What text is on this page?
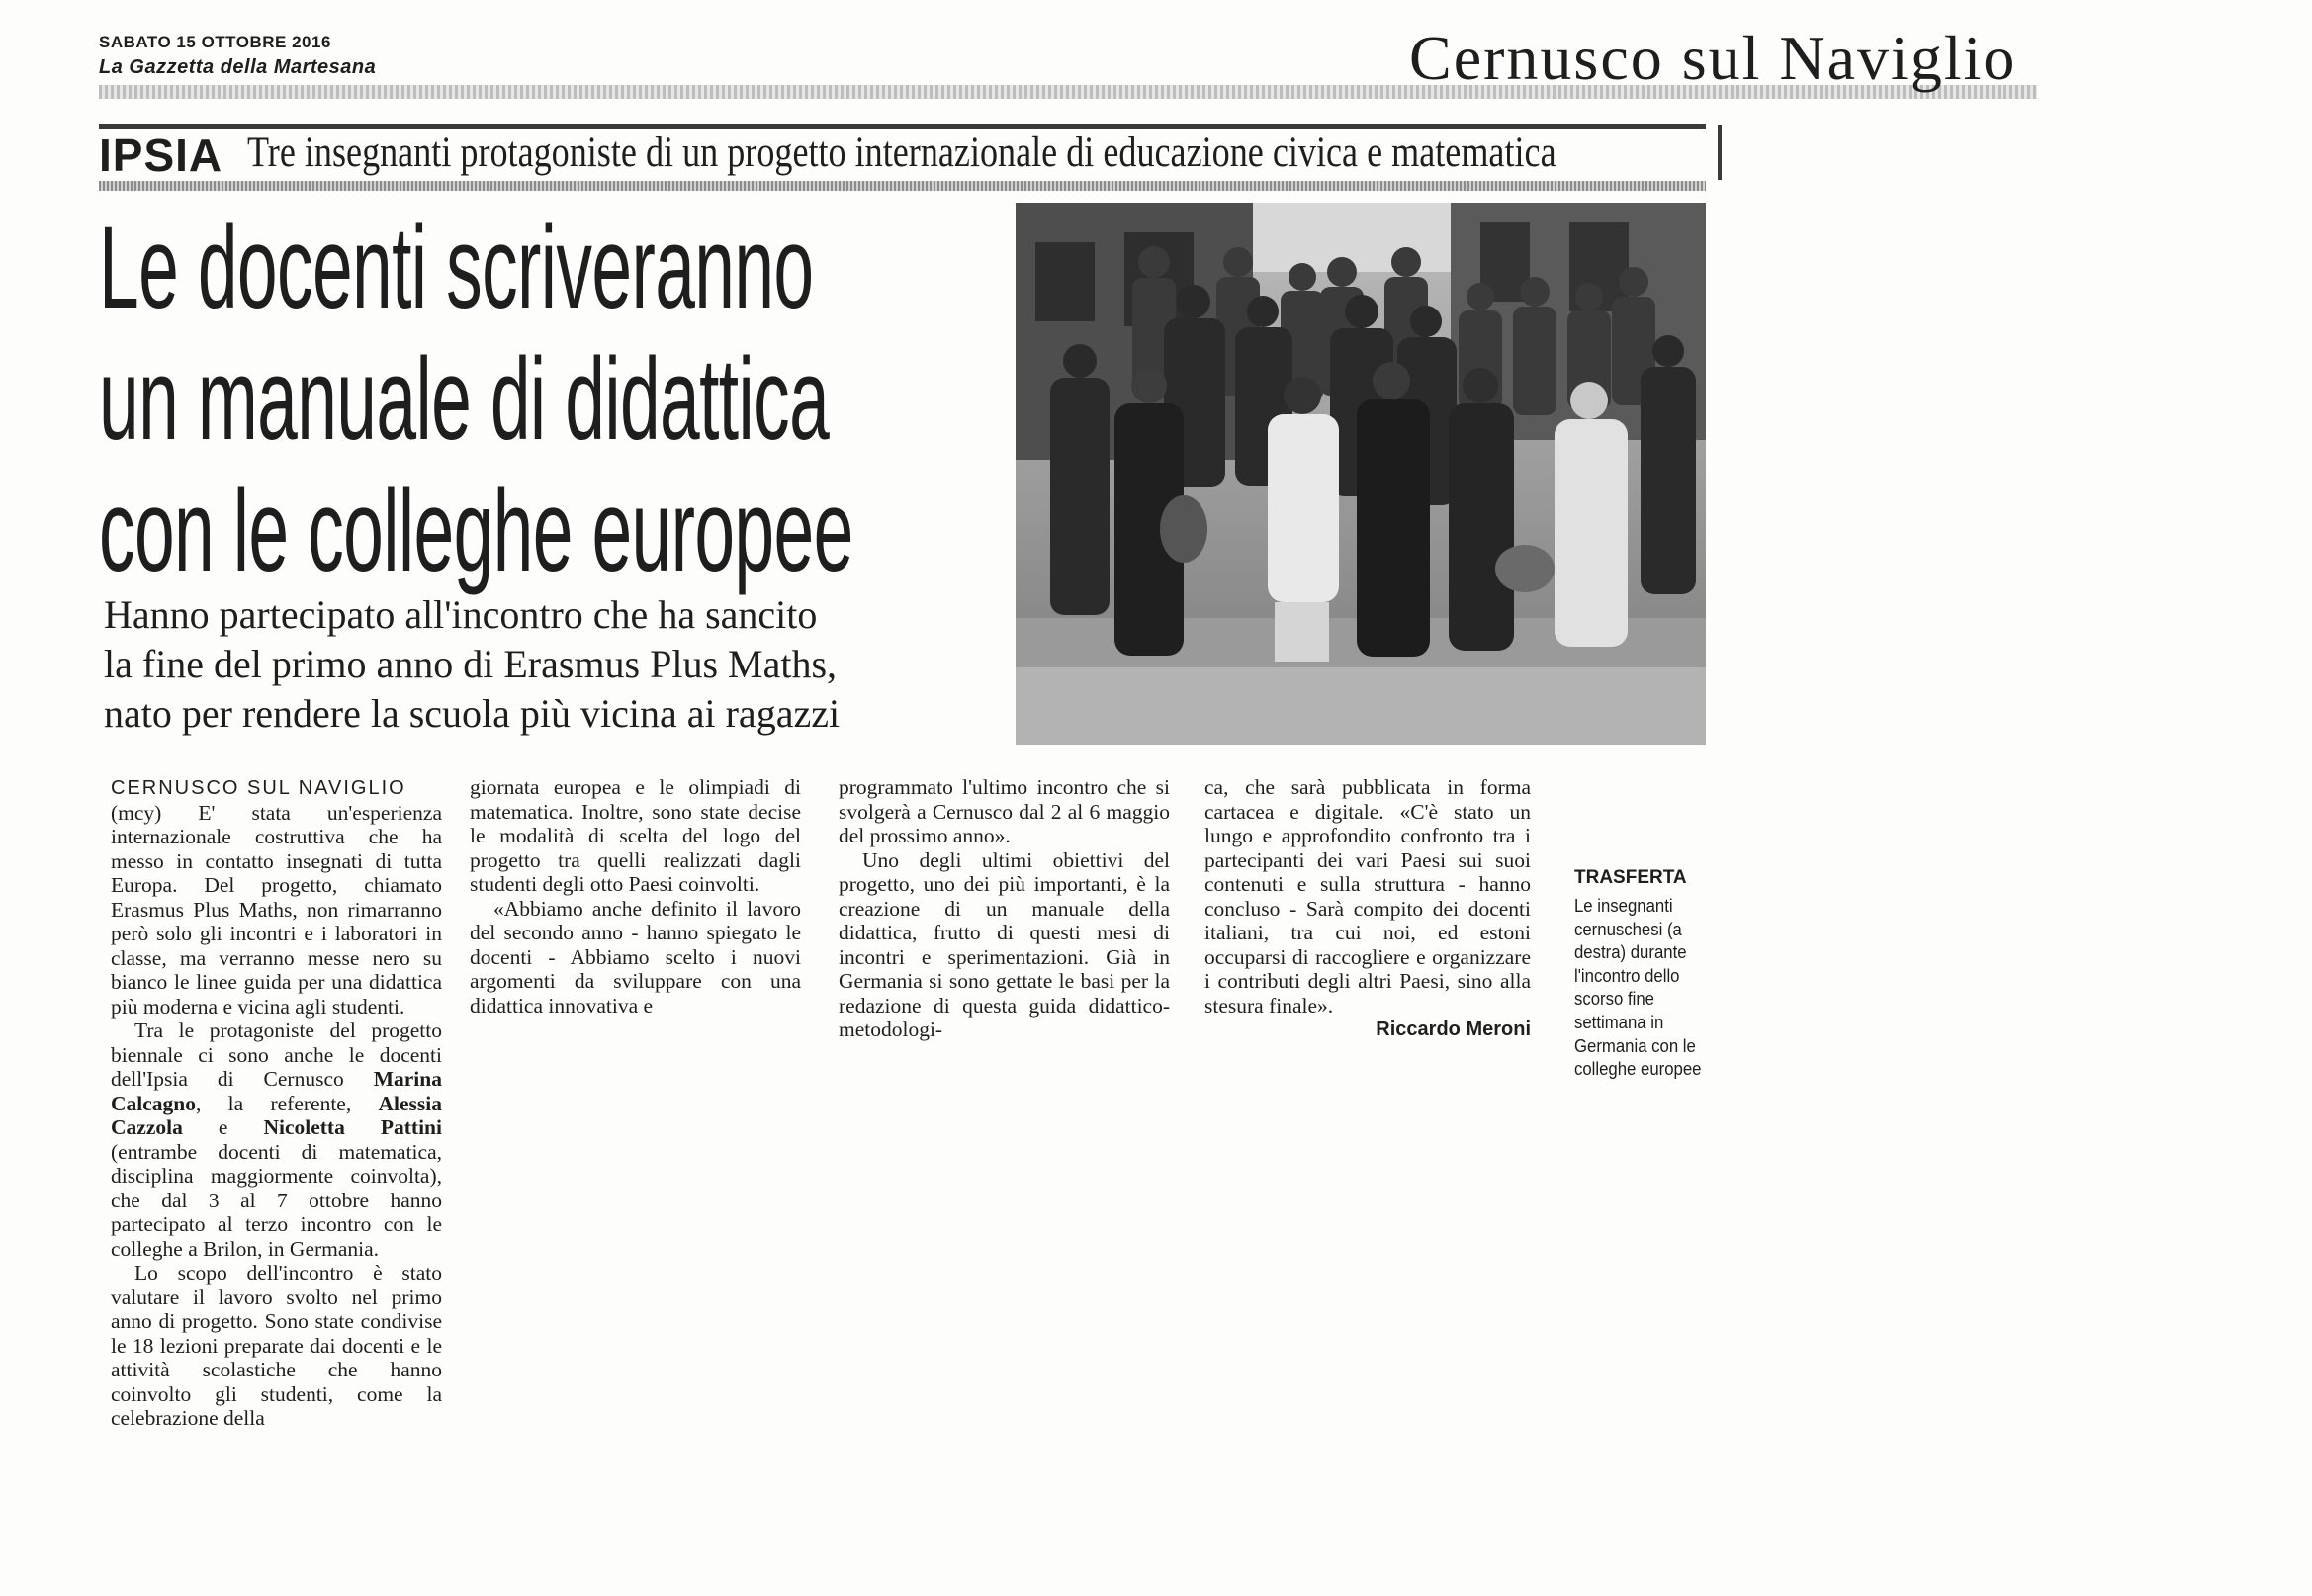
SABATO 15 OTTOBRE 2016
La Gazzetta della Martesana	Cernusco sul Naviglio
IPSIA Tre insegnanti protagoniste di un progetto internazionale di educazione civica e matematica
Le docenti scriveranno
un manuale di didattica
con le colleghe europee
Hanno partecipato all'incontro che ha sancito
la fine del primo anno di Erasmus Plus Maths,
nato per rendere la scuola più vicina ai ragazzi

CERNUSCO SUL NAVIGLIO
(mcy) E' stata un'esperienza internazionale costruttiva che ha messo in contatto insegnati di tutta Europa. Del progetto, chiamato Erasmus Plus Maths, non rimarranno però solo gli incontri e i laboratori in classe, ma verranno messe nero su bianco le linee guida per una didattica più moderna e vicina agli studenti.

Tra le protagoniste del progetto biennale ci sono anche le docenti dell'Ipsia di Cernusco Marina Calcagno, la referente, Alessia Cazzola e Nicoletta Pattini (entrambe docenti di matematica, disciplina maggiormente coinvolta), che dal 3 al 7 ottobre hanno partecipato al terzo incontro con le colleghe a Brilon, in Germania.

Lo scopo dell'incontro è stato valutare il lavoro svolto nel primo anno di progetto. Sono state condivise le 18 lezioni preparate dai docenti e le attività scolastiche che hanno coinvolto gli studenti, come la celebrazione della

giornata europea e le olimpiadi di matematica. Inoltre, sono state decise le modalità di scelta del logo del progetto tra quelli realizzati dagli studenti degli otto Paesi coinvolti.

«Abbiamo anche definito il lavoro del secondo anno - hanno spiegato le docenti - Abbiamo scelto i nuovi argomenti da sviluppare con una didattica innovativa e

programmato l'ultimo incontro che si svolgerà a Cernusco dal 2 al 6 maggio del prossimo anno».

Uno degli ultimi obiettivi del progetto, uno dei più importanti, è la creazione di un manuale della didattica, frutto di questi mesi di incontri e sperimentazioni. Già in Germania si sono gettate le basi per la redazione di questa guida didattico-metodologi-

ca, che sarà pubblicata in forma cartacea e digitale. «C'è stato un lungo e approfondito confronto tra i partecipanti dei vari Paesi sui suoi contenuti e sulla struttura - hanno concluso - Sarà compito dei docenti italiani, tra cui noi, ed estoni occuparsi di raccogliere e organizzare i contributi degli altri Paesi, sino alla stesura finale».

Riccardo Meroni
TRASFERTA
Le insegnanti cernuschesi (a destra) durante l'incontro dello scorso fine settimana in Germania con le colleghe europee
